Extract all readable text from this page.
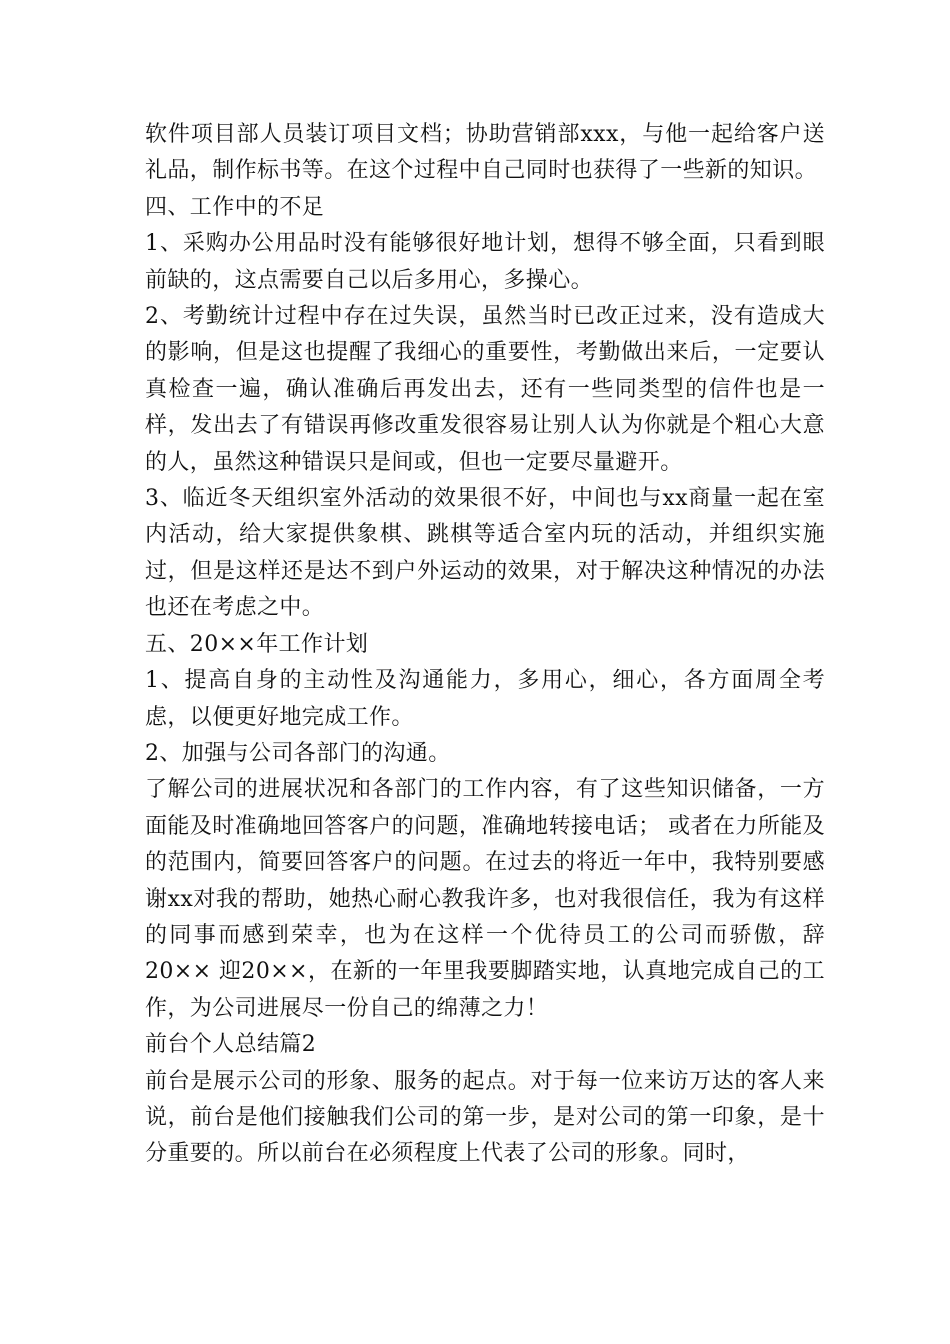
软件项目部人员装订项目文档；协助营销部xxx，与他一起给客户送礼品，制作标书等。在这个过程中自己同时也获得了一些新的知识。

四、工作中的不足

1、采购办公用品时没有能够很好地计划，想得不够全面，只看到眼前缺的，这点需要自己以后多用心，多操心。

2、考勤统计过程中存在过失误，虽然当时已改正过来，没有造成大的影响，但是这也提醒了我细心的重要性，考勤做出来后，一定要认真检查一遍，确认准确后再发出去，还有一些同类型的信件也是一样，发出去了有错误再修改重发很容易让别人认为你就是个粗心大意的人，虽然这种错误只是间或，但也一定要尽量避开。

3、临近冬天组织室外活动的效果很不好，中间也与xx商量一起在室内活动，给大家提供象棋、跳棋等适合室内玩的活动，并组织实施过，但是这样还是达不到户外运动的效果，对于解决这种情况的办法也还在考虑之中。

五、20××年工作计划

1、提高自身的主动性及沟通能力，多用心，细心，各方面周全考虑，以便更好地完成工作。

2、加强与公司各部门的沟通。

了解公司的进展状况和各部门的工作内容，有了这些知识储备，一方面能及时准确地回答客户的问题，准确地转接电话； 或者在力所能及的范围内，简要回答客户的问题。在过去的将近一年中，我特别要感谢xx对我的帮助，她热心耐心教我许多，也对我很信任，我为有这样的同事而感到荣幸，也为在这样一个优待员工的公司而骄傲，辞20×× 迎20××，在新的一年里我要脚踏实地，认真地完成自己的工作，为公司进展尽一份自己的绵薄之力！

前台个人总结篇2

前台是展示公司的形象、服务的起点。对于每一位来访万达的客人来说，前台是他们接触我们公司的第一步，是对公司的第一印象，是十分重要的。所以前台在必须程度上代表了公司的形象。同时，
